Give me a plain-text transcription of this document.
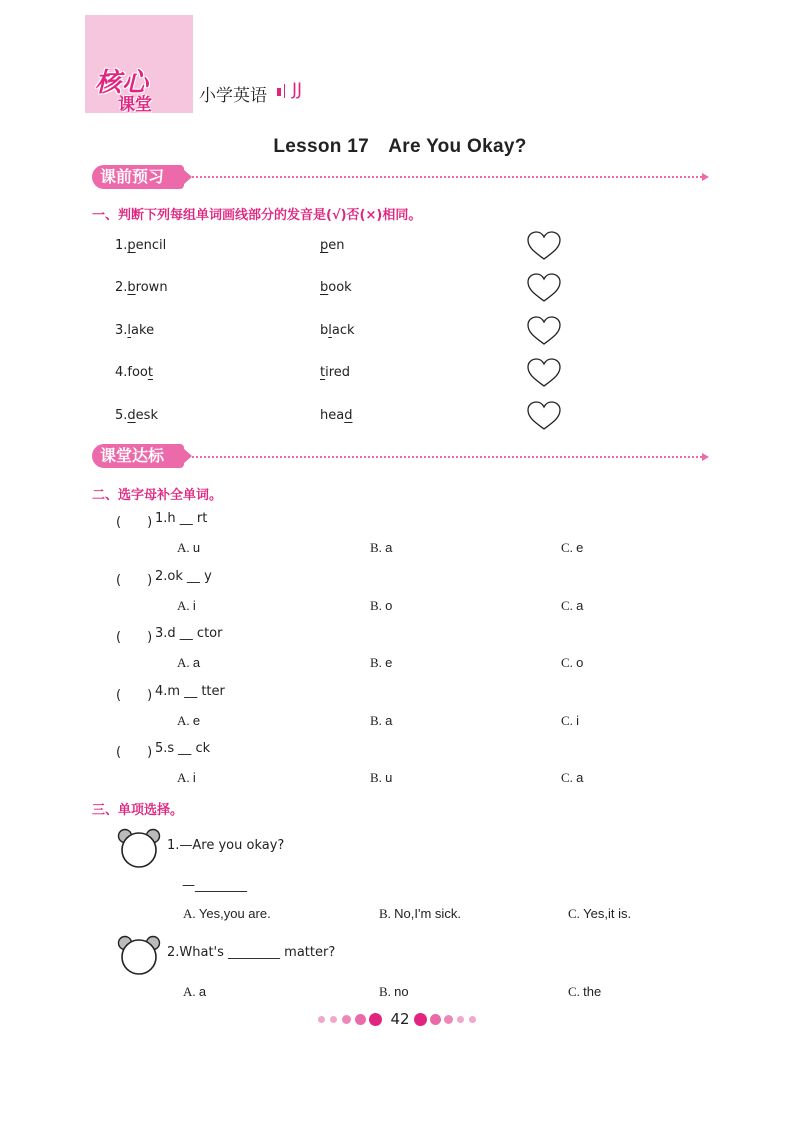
核心
课堂	小学英语 JJ
Lesson 17　Are You Okay?
课前预习
一、判断下列每组单词画线部分的发音是(√)否(×)相同。
1.pencil	pen
2.brown	book
3.lake	black
4.foot	tired
5.desk	head
课堂达标
二、选字母补全单词。
(　　) 1.h __ rt
A. u	B. a	C. e
(　　) 2.ok __ y
A. i	B. o	C. a
(　　) 3.d __ ctor
A. a	B. e	C. o
(　　) 4.m __ tter
A. e	B. a	C. i
(　　) 5.s __ ck
A. i	B. u	C. a
三、单项选择。
1.—Are you okay?
—________
A. Yes,you are.	B. No,I'm sick.	C. Yes,it is.
2.What's ________ matter?
A. a	B. no	C. the
42
